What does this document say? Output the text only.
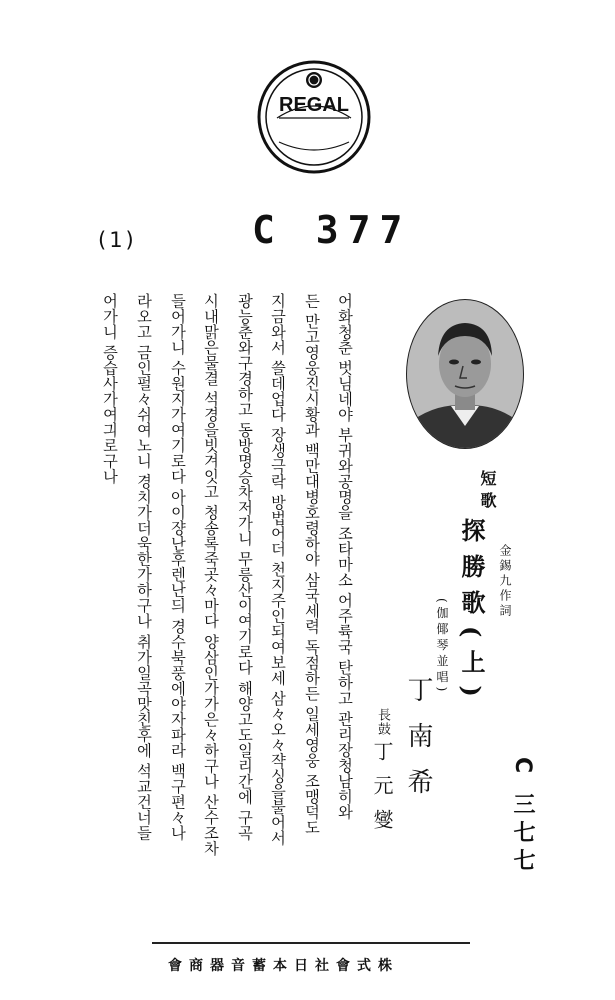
REGAL
(1)	C 377
어화청춘 벗님네야 부귀와공명을 조타마소 어주륙국 탄하고 관리장청남히와
든 만고영웅진시황과 백만대병호령하야 삼국세력 독점하든 일세영웅 조맹덕도
지금와서 쓸데업다 장생극락 방법어더 천지주인되여보세 삼々오々쟉싱을불어서
광능춘와구경하고 동방명승차저가니 무릉산이여기로다 해양고도일리간에 구곡
시내맑은물결 석경을빗겨잇고 청송록죽곳々마다 양삼인가가은々하구나 산수조차
들어가니 수원지가여기로다 아이쟝난후렌난듸 경수북풍에야자파라 백구편々나
라오고 금인펄々쉬여노니 경치가더욱한가하구나 취가일곡맛친후에 석교건너들
어가니 증습사가여긔로구나
C 三七七
短歌
金錫九作詞
探勝歌(上)
(伽倻琴並唱)
丁南希
長鼓 丁元燮
株式會社日本蓄音器商會
